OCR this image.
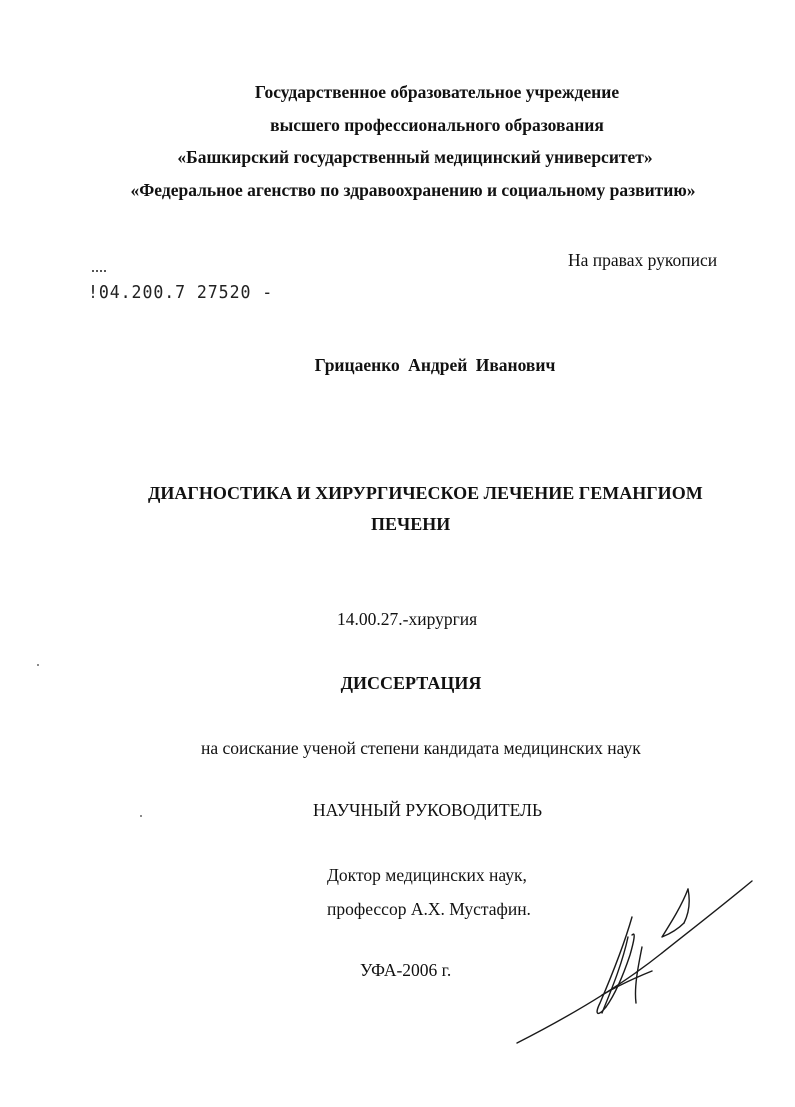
Государственное образовательное учреждение
высшего профессионального образования
«Башкирский государственный медицинский университет»
«Федеральное агенство по здравоохранению и социальному развитию»
На правах рукописи
!04.200.7 27520 -
Грицаенко Андрей Иванович
ДИАГНОСТИКА И ХИРУРГИЧЕСКОЕ ЛЕЧЕНИЕ ГЕМАНГИОМ
ПЕЧЕНИ
14.00.27.-хирургия
ДИССЕРТАЦИЯ
на соискание ученой степени кандидата медицинских наук
НАУЧНЫЙ РУКОВОДИТЕЛЬ
Доктор медицинских наук,
профессор А.Х. Мустафин.
УФА-2006 г.
